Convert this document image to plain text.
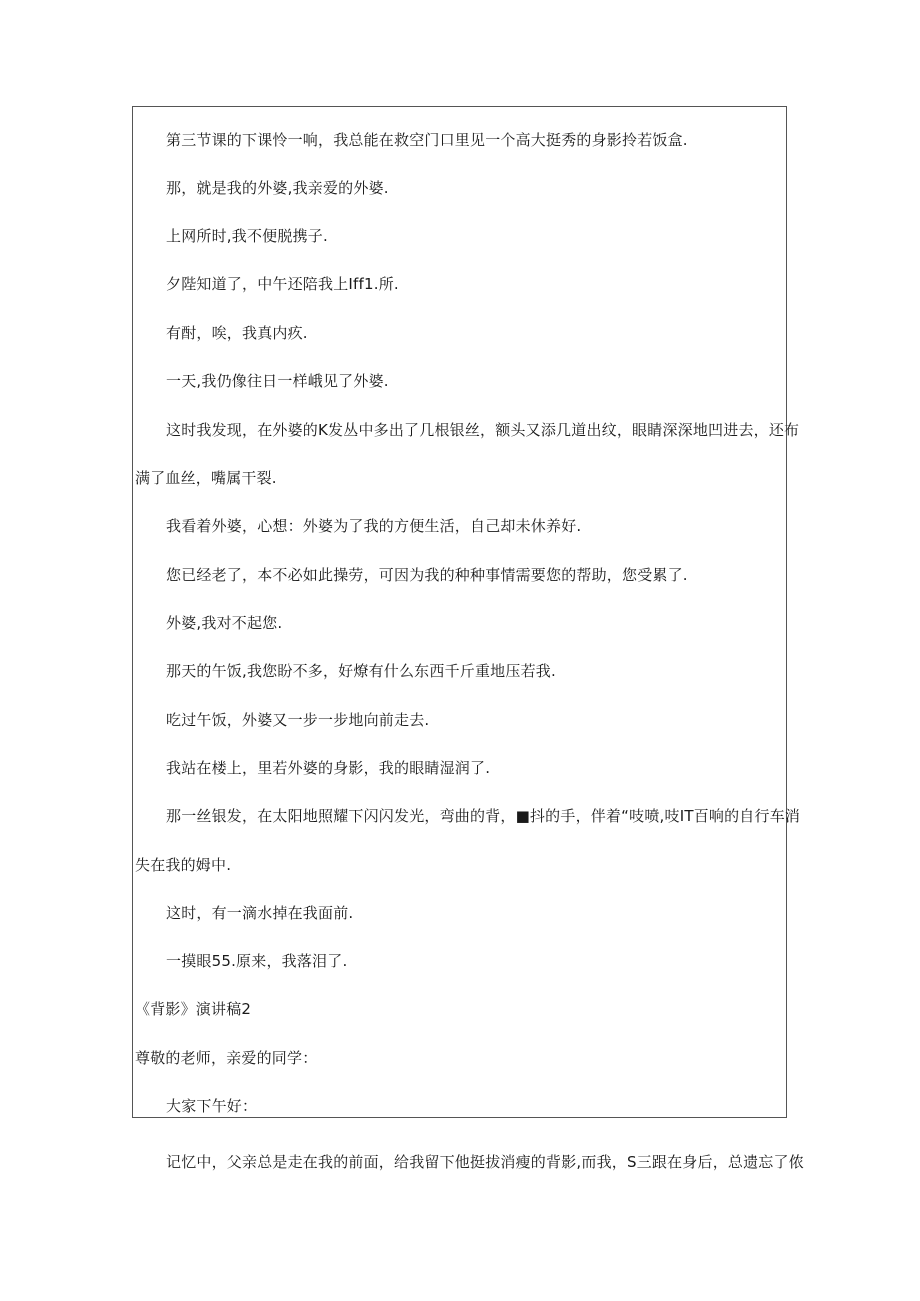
第三节课的下课怜一响，我总能在救空门口里见一个高大挺秀的身影拎若饭盒.
那，就是我的外婆,我亲爱的外婆.
上网所时,我不便脱携子.
夕陛知道了，中午还陪我上Iff1.所.
有酎，唉，我真内疚.
一天,我仍像往日一样峨见了外婆.
这时我发现，在外婆的K发丛中多出了几根银丝，额头又添几道出纹，眼睛深深地凹进去，还布
满了血丝，嘴属干裂.
我看着外婆，心想：外婆为了我的方便生活，自己却未休养好.
您已经老了，本不必如此操劳，可因为我的种种事情需要您的帮助，您受累了.
外婆,我对不起您.
那天的午饭,我您盼不多，好燎有什么东西千斤重地压若我.
吃过午饭，外婆又一步一步地向前走去.
我站在楼上，里若外婆的身影，我的眼睛湿润了.
那一丝银发，在太阳地照耀下闪闪发光，弯曲的背，■抖的手，伴着“吱喷,吱IT百响的自行车消
失在我的姆中.
这时，有一滴水掉在我面前.
一摸眼55.原来，我落泪了.
《背影》演讲稿2
尊敬的老师，亲爱的同学：
大家下午好：
记忆中，父亲总是走在我的前面，给我留下他挺拔消瘦的背影,而我，S三跟在身后，总遗忘了侬
